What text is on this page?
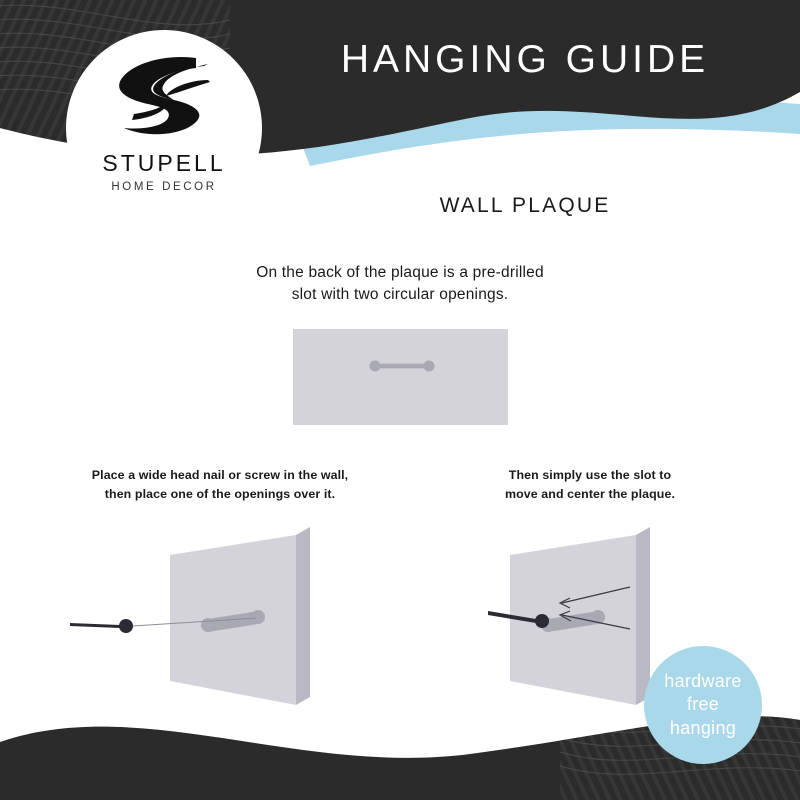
STUPELL
HOME DECOR
HANGING GUIDE
WALL PLAQUE
On the back of the plaque is a pre-drilled
slot with two circular openings.
Place a wide head nail or screw in the wall,
then place one of the openings over it.
Then simply use the slot to
move and center the plaque.
hardware
free
hanging
